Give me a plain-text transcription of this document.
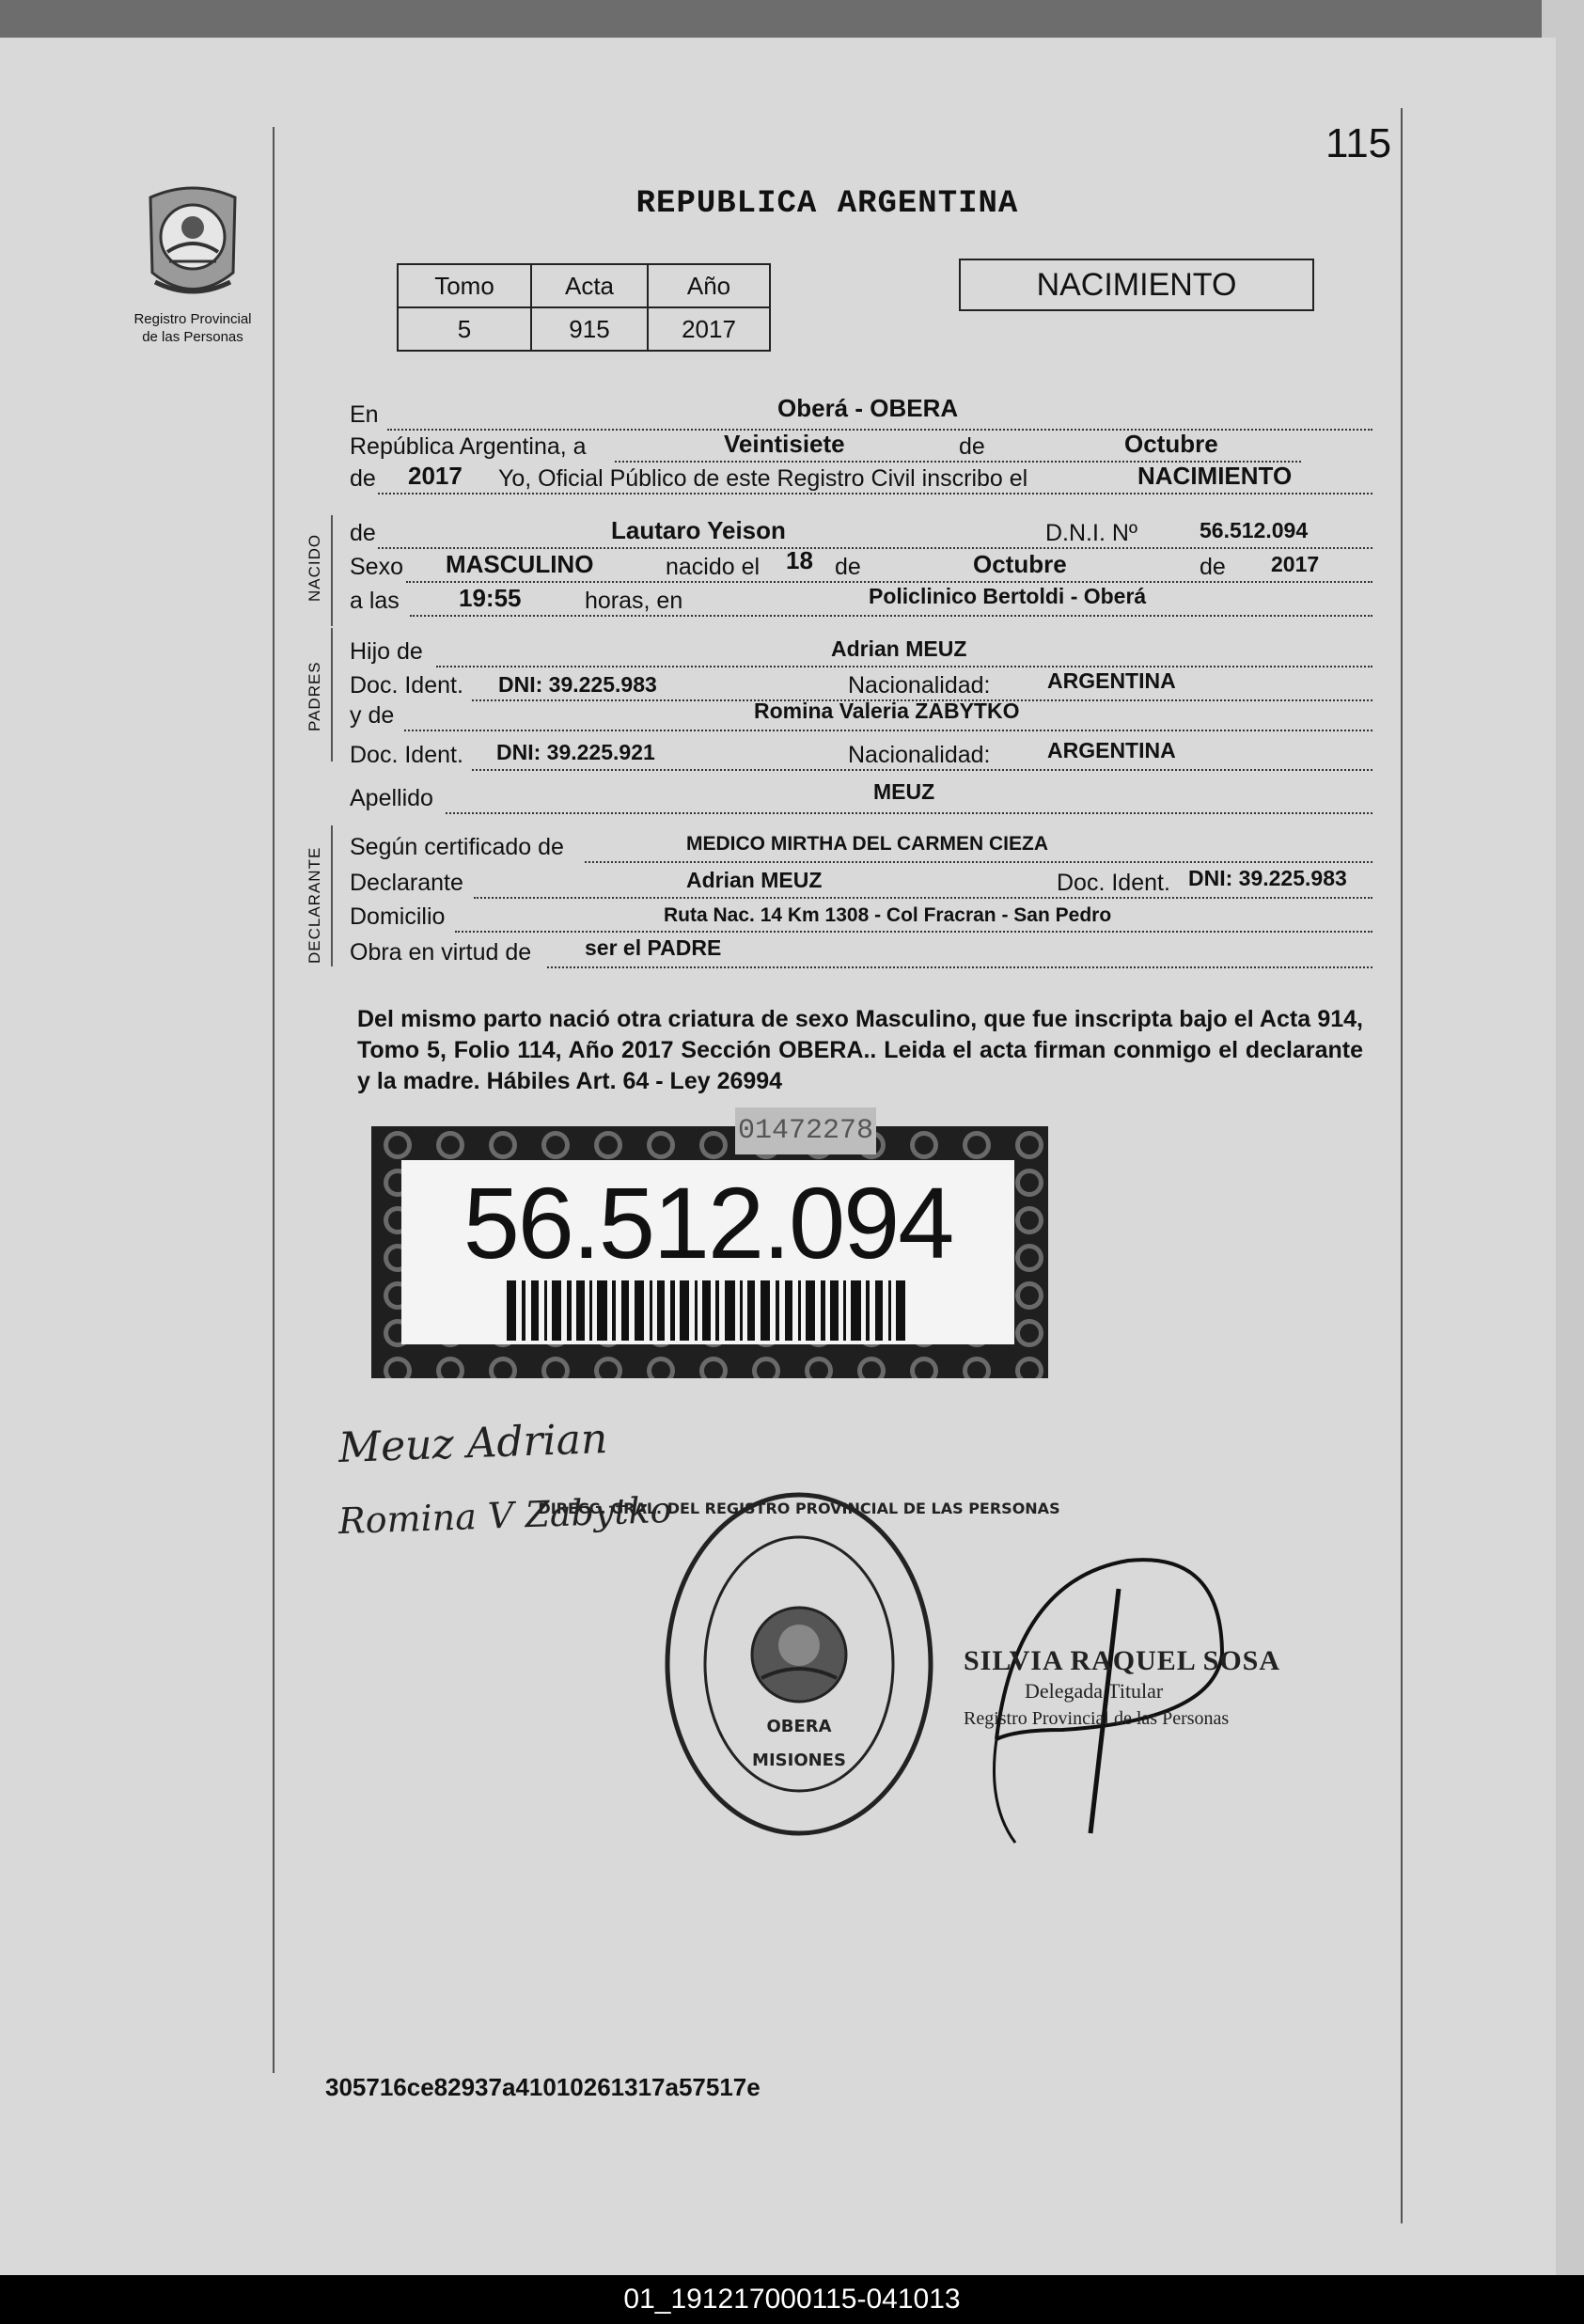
115
Registro Provincial
de las Personas
REPUBLICA ARGENTINA
Tomo	Acta	Año
5	915	2017
NACIMIENTO
En	Oberá - OBERA
República Argentina, a	Veintisiete	de	Octubre
de 2017 Yo, Oficial Público de este Registro Civil inscribo el	NACIMIENTO
NACIDO
de	Lautaro Yeison	D.N.I. Nº	56.512.094
Sexo MASCULINO	nacido el 18 de	Octubre	de 2017
a las 19:55	horas, en	Policlinico Bertoldi - Oberá
PADRES
Hijo de	Adrian MEUZ
Doc. Ident. DNI: 39.225.983	Nacionalidad:	ARGENTINA
y de	Romina Valeria ZABYTKO
Doc. Ident. DNI: 39.225.921	Nacionalidad:	ARGENTINA
Apellido	MEUZ
DECLARANTE Según certificado de	MEDICO MIRTHA DEL CARMEN CIEZA
Declarante	Adrian MEUZ	Doc. Ident. DNI: 39.225.983
Domicilio	Ruta Nac. 14 Km 1308 - Col Fracran - San Pedro
Obra en virtud de ser el PADRE
Del mismo parto nació otra criatura de sexo Masculino, que fue inscripta bajo el Acta 914, Tomo 5, Folio 114, Año 2017 Sección OBERA.. Leida el acta firman conmigo el declarante y la madre. Hábiles Art. 64 - Ley 26994
56.512.094
01472278
Meuz Adrian
Romina V Zabytko
OBERA
MISIONES
DIRECC. GRAL. DEL REGISTRO PROVINCIAL DE LAS PERSONAS
SILVIA RAQUEL SOSA
Delegada Titular
Registro Provincial de las Personas
305716ce82937a41010261317a57517e
01_191217000115-041013
